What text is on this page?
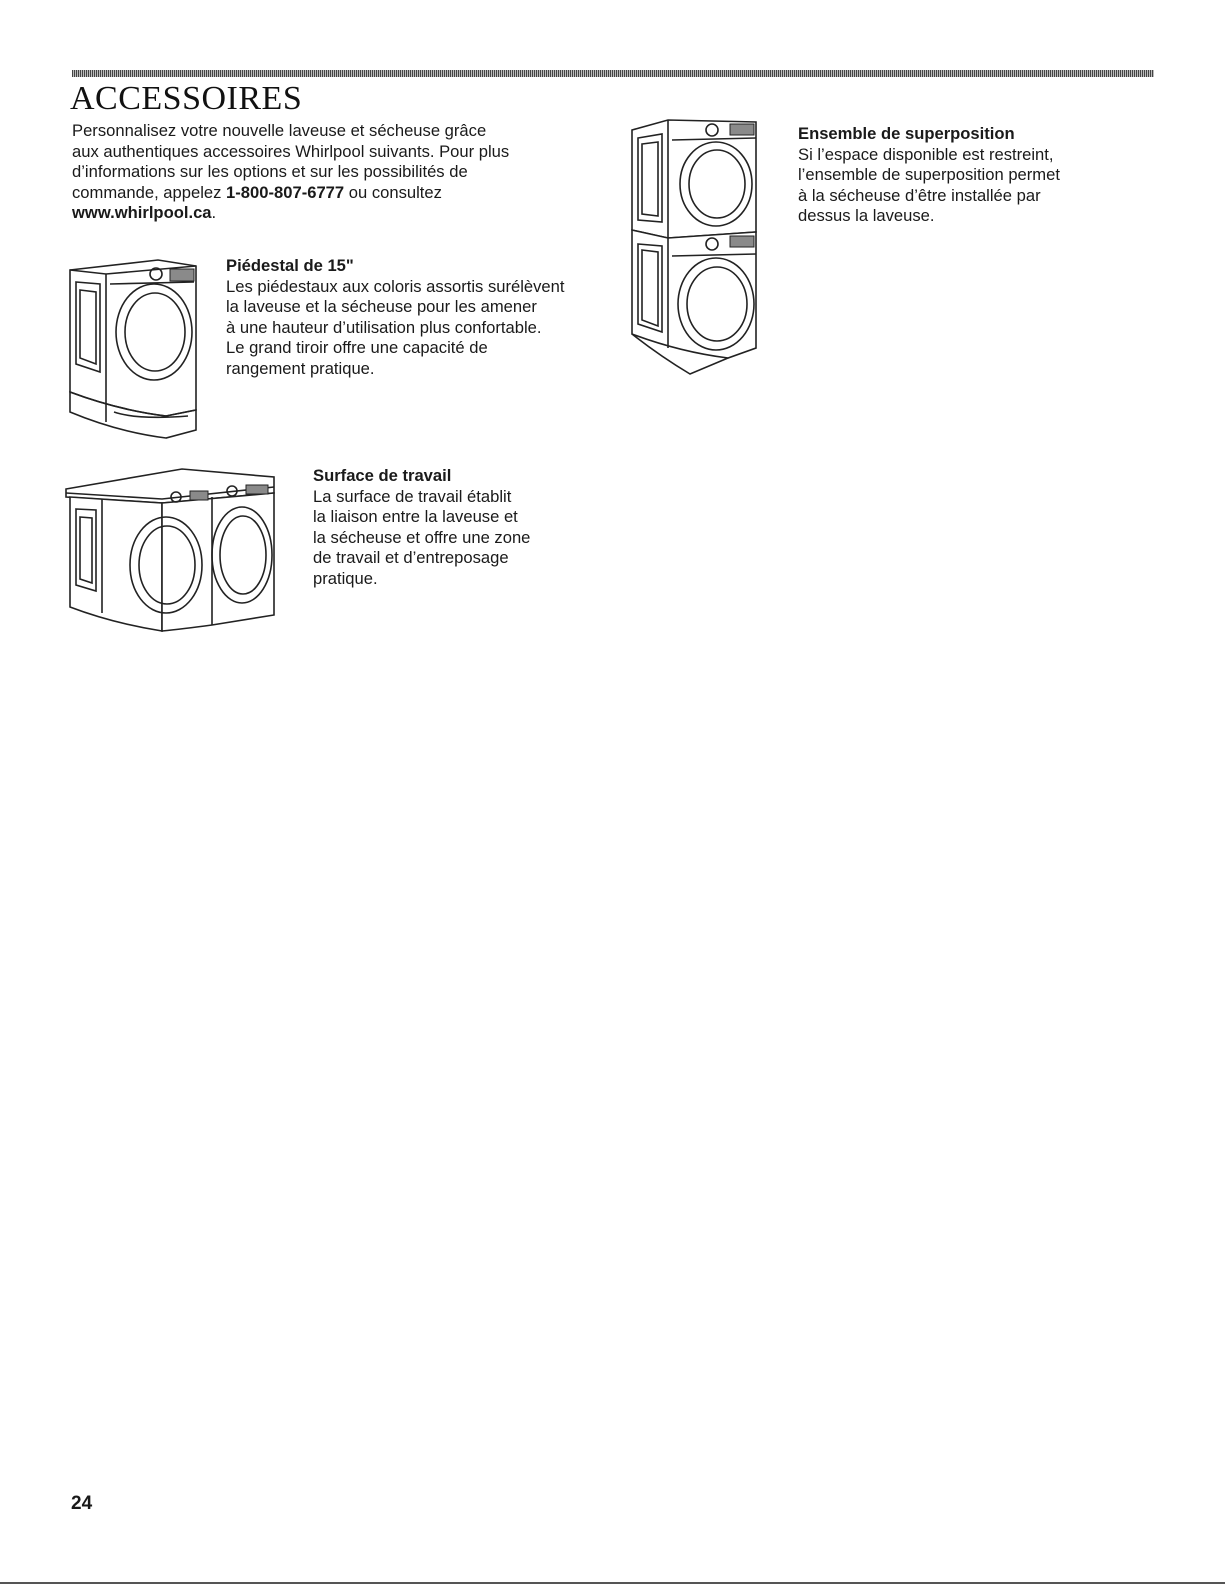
ACCESSOIRES

Personnalisez votre nouvelle laveuse et sécheuse grâce
aux authentiques accessoires Whirlpool suivants. Pour plus
d’informations sur les options et sur les possibilités de
commande, appelez 1-800-807-6777 ou consultez
www.whirlpool.ca.

Piédestal de 15"
Les piédestaux aux coloris assortis surélèvent
la laveuse et la sécheuse pour les amener
à une hauteur d’utilisation plus confortable.
Le grand tiroir offre une capacité de
rangement pratique.
Surface de travail
La surface de travail établit
la liaison entre la laveuse et
la sécheuse et offre une zone
de travail et d’entreposage
pratique.
Ensemble de superposition
Si l’espace disponible est restreint,
l’ensemble de superposition permet
à la sécheuse d’être installée par
dessus la laveuse.
24
